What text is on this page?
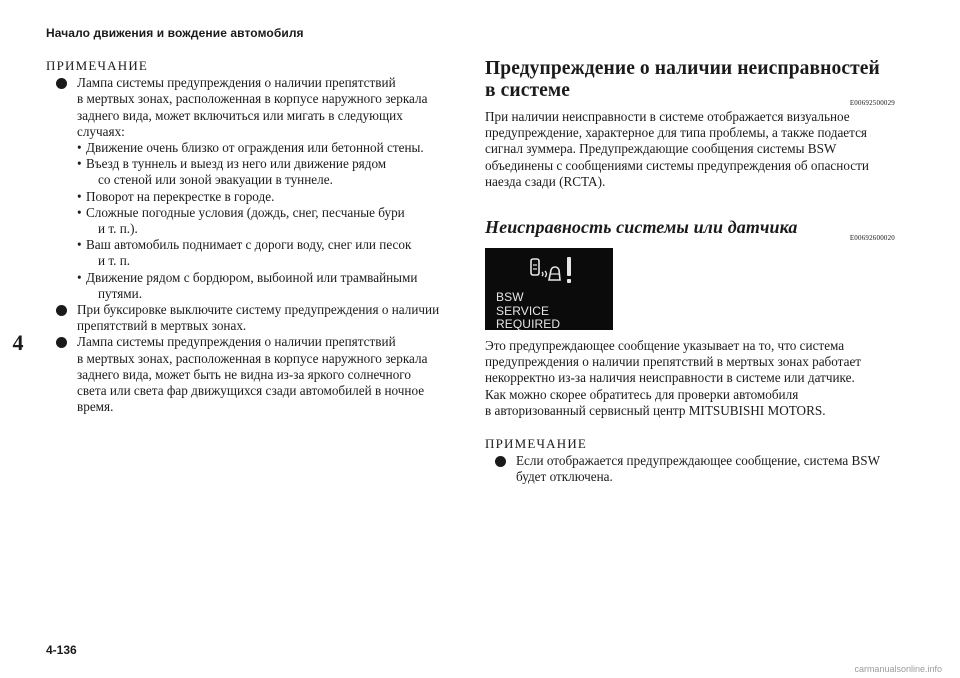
Начало движения и вождение автомобиля
4
ПРИМЕЧАНИЕ
Лампа системы предупреждения о наличии препятствий
в мертвых зонах, расположенная в корпусе наружного зеркала
заднего вида, может включиться или мигать в следующих
случаях:
• Движение очень близко от ограждения или бетонной стены.
• Въезд в туннель и выезд из него или движение рядом
со стеной или зоной эвакуации в туннеле.
• Поворот на перекрестке в городе.
• Сложные погодные условия (дождь, снег, песчаные бури
и т. п.).
• Ваш автомобиль поднимает с дороги воду, снег или песок
и т. п.
• Движение рядом с бордюром, выбоиной или трамвайными
путями.
При буксировке выключите систему предупреждения о наличии
препятствий в мертвых зонах.
Лампа системы предупреждения о наличии препятствий
в мертвых зонах, расположенная в корпусе наружного зеркала
заднего вида, может быть не видна из-за яркого солнечного
света или света фар движущихся сзади автомобилей в ночное
время.
Предупреждение о наличии неисправностей
в системе
E00692500029
При наличии неисправности в системе отображается визуальное
предупреждение, характерное для типа проблемы, а также подается
сигнал зуммера. Предупреждающие сообщения системы BSW
объединены с сообщениями системы предупреждения об опасности
наезда сзади (RCTA).
Неисправность системы или датчика
E00692600020
BSW
SERVICE REQUIRED
Это предупреждающее сообщение указывает на то, что система
предупреждения о наличии препятствий в мертвых зонах работает
некорректно из-за наличия неисправности в системе или датчике.
Как можно скорее обратитесь для проверки автомобиля
в авторизованный сервисный центр MITSUBISHI MOTORS.
ПРИМЕЧАНИЕ
Если отображается предупреждающее сообщение, система BSW
будет отключена.
4-136
carmanualsonline.info
